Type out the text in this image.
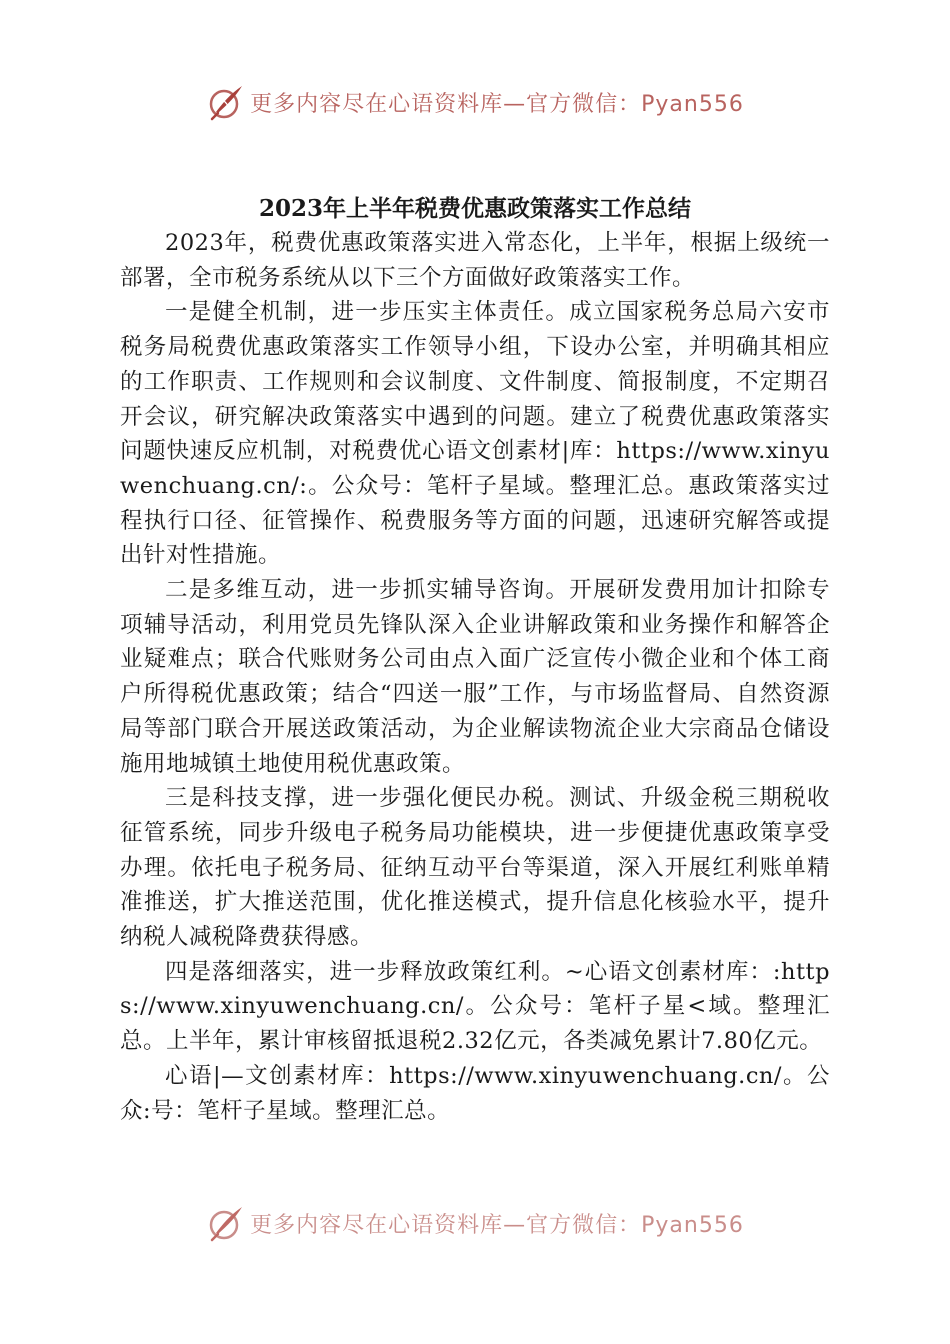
更多内容尽在心语资料库—官方微信：Pyan556
2023年上半年税费优惠政策落实工作总结

2023年，税费优惠政策落实进入常态化，上半年，根据上级统一部署，全市税务系统从以下三个方面做好政策落实工作。

一是健全机制，进一步压实主体责任。成立国家税务总局六安市税务局税费优惠政策落实工作领导小组，下设办公室，并明确其相应的工作职责、工作规则和会议制度、文件制度、简报制度，不定期召开会议，研究解决政策落实中遇到的问题。建立了税费优惠政策落实问题快速反应机制，对税费优心语文创素材|库：https://www.xinyuwenchuang.cn/:。公众号：笔杆子星域。整理汇总。惠政策落实过程执行口径、征管操作、税费服务等方面的问题，迅速研究解答或提出针对性措施。

二是多维互动，进一步抓实辅导咨询。开展研发费用加计扣除专项辅导活动，利用党员先锋队深入企业讲解政策和业务操作和解答企业疑难点；联合代账财务公司由点入面广泛宣传小微企业和个体工商户所得税优惠政策；结合“四送一服”工作，与市场监督局、自然资源局等部门联合开展送政策活动，为企业解读物流企业大宗商品仓储设施用地城镇土地使用税优惠政策。

三是科技支撑，进一步强化便民办税。测试、升级金税三期税收征管系统，同步升级电子税务局功能模块，进一步便捷优惠政策享受办理。依托电子税务局、征纳互动平台等渠道，深入开展红利账单精准推送，扩大推送范围，优化推送模式，提升信息化核验水平，提升纳税人减税降费获得感。

四是落细落实，进一步释放政策红利。~心语文创素材库：:https://www.xinyuwenchuang.cn/。公众号：笔杆子星<域。整理汇总。上半年，累计审核留抵退税2.32亿元，各类减免累计7.80亿元。

心语|—文创素材库：https://www.xinyuwenchuang.cn/。公众:号：笔杆子星域。整理汇总。

更多内容尽在心语资料库—官方微信：Pyan556
